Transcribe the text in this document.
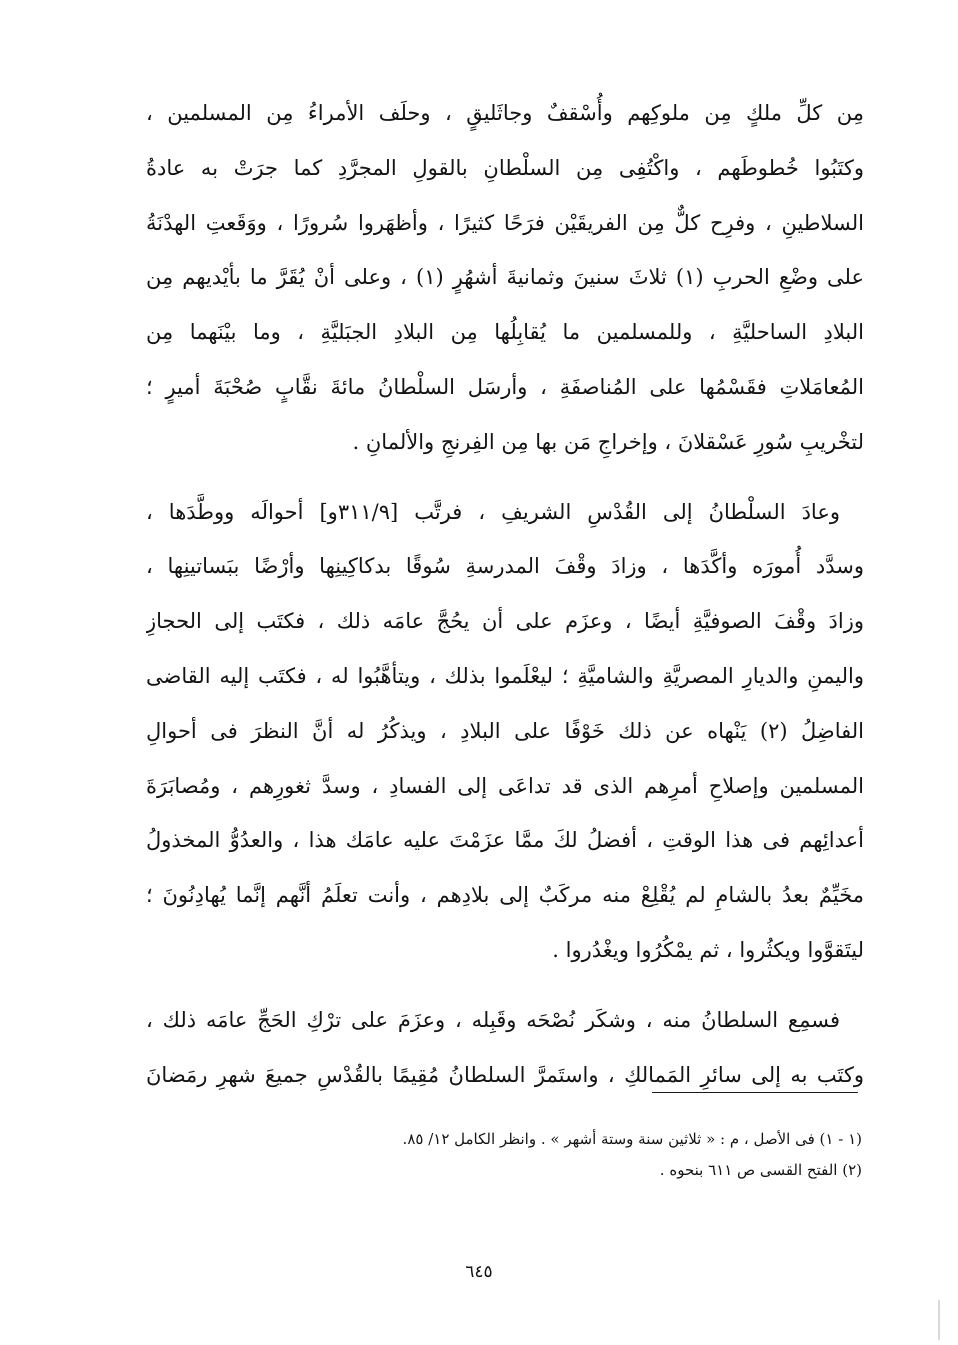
مِن كلِّ ملكٍ مِن ملوكِهم وأُسْقفٌ وجاثَليقٍ ، وحلَف الأمراءُ مِن المسلمين ،
وكتَبُوا خُطوطَهم ، واكْتُفِى مِن السلْطانِ بالقولِ المجرَّدِ كما جرَتْ به عادةُ
السلاطينِ ، وفرِح كلٌّ مِن الفريقَيْن فرَحًا كثيرًا ، وأظهَروا سُرورًا ، ووَقَعتِ الهدْنَةُ
على وضْعِ الحربِ (١) ثلاثَ سنينَ وثمانيةَ أشهُرٍ (١) ، وعلى أنْ يُقَرَّ ما بأيْديهم مِن
البلادِ الساحليَّةِ ، وللمسلمين ما يُقابِلُها مِن البلادِ الجبَليَّةِ ، وما بيْنَهما مِن
المُعامَلاتِ فقَسْمُها على المُناصفَةِ ، وأرسَل السلْطانُ مائةَ نقَّابٍ صُحْبَةَ أميرٍ ؛
لتخْريبِ سُورِ عَسْقلانَ ، وإخراجِ مَن بها مِن الفِرنجِ والألمانِ .
وعادَ السلْطانُ إلى القُدْسِ الشريفِ ، فرتَّب [٣١١/٩و] أحوالَه ووطَّدَها ،
وسدَّد أُمورَه وأكَّدَها ، وزادَ وقْفَ المدرسةِ سُوقًا بدكاكِينِها وأرْضًا ببَساتينِها ،
وزادَ وقْفَ الصوفيَّةِ أيضًا ، وعزَم على أن يحُجَّ عامَه ذلك ، فكتَب إلى الحجازِ
واليمنِ والديارِ المصريَّةِ والشاميَّةِ ؛ ليعْلَموا بذلك ، ويتأهَّبُوا له ، فكتَب إليه القاضى
الفاضِلُ (٢) يَنْهاه عن ذلك خَوْفًا على البلادِ ، ويذكُرُ له أنَّ النظرَ فى أحوالِ
المسلمين وإصلاحِ أمرِهم الذى قد تداعَى إلى الفسادِ ، وسدَّ ثغورِهم ، ومُصابَرَةَ
أعدائِهم فى هذا الوقتِ ، أفضلُ لكَ ممَّا عزَمْتَ عليه عامَك هذا ، والعدُوُّ المخذولُ
مخَيِّمٌ بعدُ بالشامِ لم يُقْلِعْ منه مركَبٌ إلى بلادِهم ، وأنت تعلَمُ أنَّهم إنَّما يُهادِنُونَ ؛
ليتَقوَّوا ويكثُروا ، ثم يمْكُرُوا ويغْدُروا .
فسمِع السلطانُ منه ، وشكَر نُصْحَه وقَبِله ، وعزَمَ على ترْكِ الحَجِّ عامَه ذلك ،
وكتَب به إلى سائرِ المَمالكِ ، واستَمرَّ السلطانُ مُقِيمًا بالقُدْسِ جميعَ شهرِ رمَضانَ
(١ - ١) فى الأصل ، م : « ثلاثين سنة وستة أشهر » . وانظر الكامل ١٢/ ٨٥.
(٢) الفتح القسى ص ٦١١ بنحوه .
٦٤٥
